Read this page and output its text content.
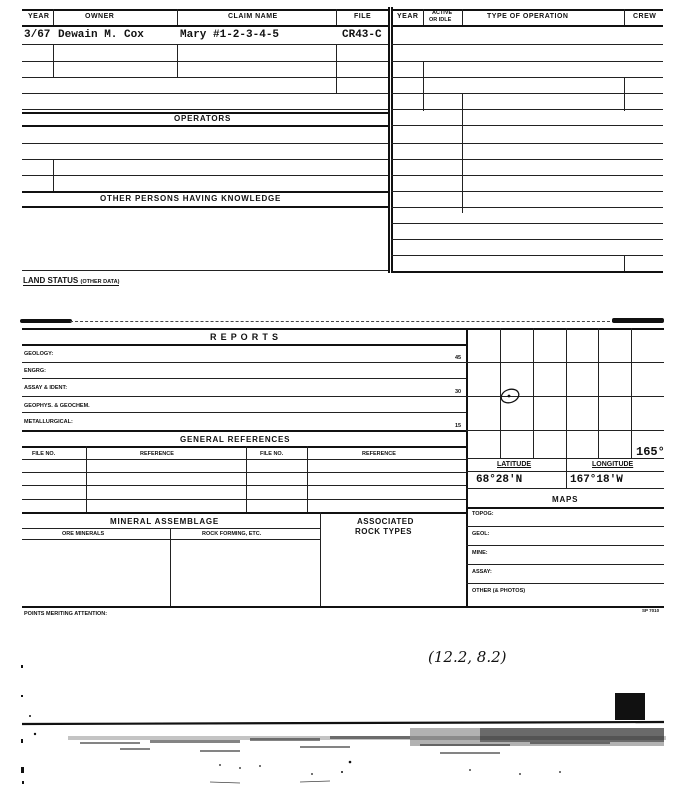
YEAR	OWNER	CLAIM NAME	FILE
3/67 Dewain M. Cox	Mary #1-2-3-4-5	CR43-C
OPERATORS
OTHER PERSONS HAVING KNOWLEDGE
YEAR ACTIVE
OR IDLE	TYPE OF OPERATION	CREW
LAND STATUS (OTHER DATA)
R E P O R T S
GEOLOGY:
45
ENGRG:
ASSAY & IDENT:
30
GEOPHYS. & GEOCHEM.
METALLURGICAL:
15
GENERAL REFERENCES
FILE NO.	REFERENCE	FILE NO.	REFERENCE
MINERAL ASSEMBLAGE
ORE MINERALS	ROCK FORMING, ETC.
ASSOCIATED
ROCK TYPES
165°
LATITUDE	LONGITUDE
68°28'N	167°18'W
MAPS
TOPOG:
GEOL:
MINE:
ASSAY:
OTHER (& PHOTOS)
POINTS MERITING ATTENTION:
SP 7010
(12.2, 8.2)
